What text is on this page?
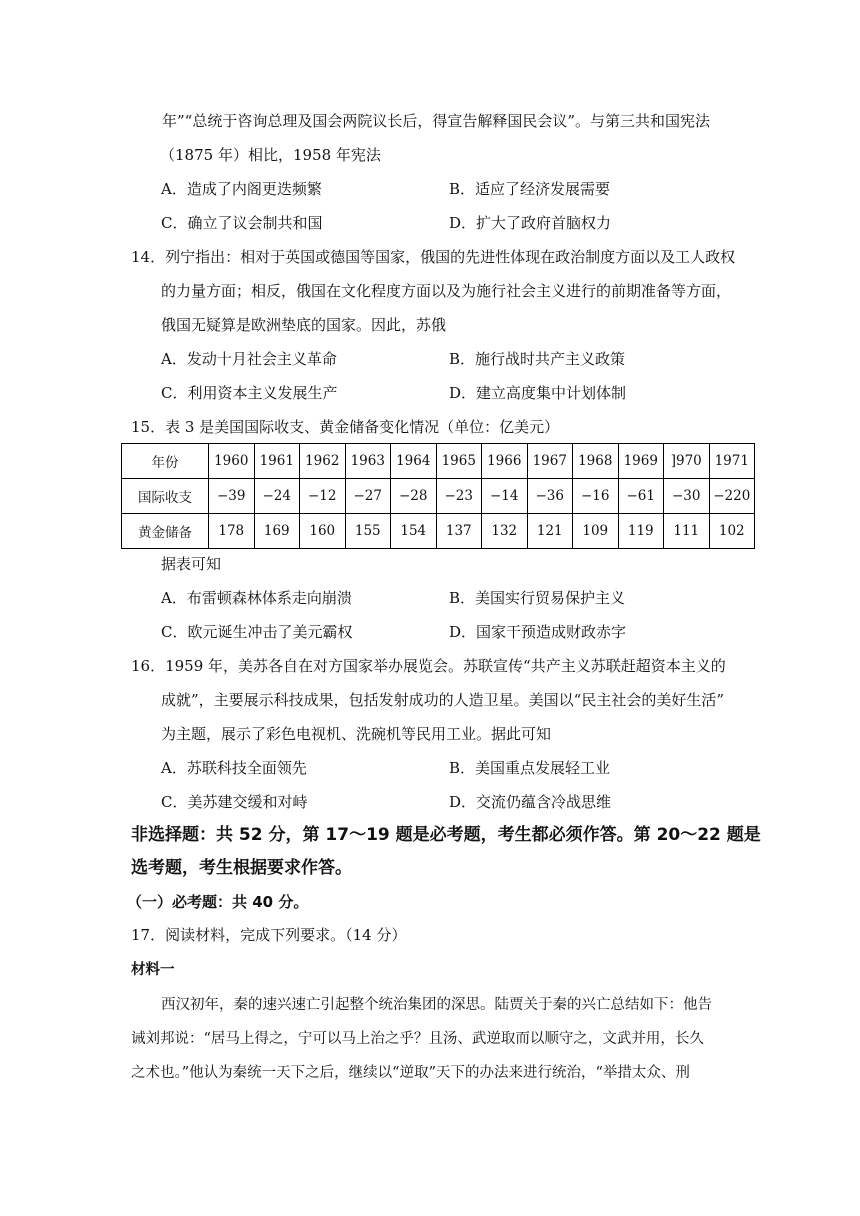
年”“总统于咨询总理及国会两院议长后，得宣告解释国民会议”。与第三共和国宪法
（1875 年）相比，1958 年宪法
A．造成了内阁更迭频繁	B．适应了经济发展需要
C．确立了议会制共和国	D．扩大了政府首脑权力
14．列宁指出：相对于英国或德国等国家，俄国的先进性体现在政治制度方面以及工人政权
的力量方面；相反，俄国在文化程度方面以及为施行社会主义进行的前期准备等方面，
俄国无疑算是欧洲垫底的国家。因此，苏俄
A．发动十月社会主义革命	B．施行战时共产主义政策
C．利用资本主义发展生产	D．建立高度集中计划体制
15．表 3 是美国国际收支、黄金储备变化情况（单位：亿美元）
年份	1960	1961	1962	1963	1964	1965	1966	1967	1968	1969	]970	1971
国际收支	−39	−24	−12	−27	−28	−23	−14	−36	−16	−61	−30	−220
黄金储备	178	169	160	155	154	137	132	121	109	119	111	102
据表可知
A．布雷顿森林体系走向崩溃	B．美国实行贸易保护主义
C．欧元诞生冲击了美元霸权	D．国家干预造成财政赤字
16．1959 年，美苏各自在对方国家举办展览会。苏联宣传“共产主义苏联赶超资本主义的
成就”，主要展示科技成果，包括发射成功的人造卫星。美国以“民主社会的美好生活”
为主题，展示了彩色电视机、洗碗机等民用工业。据此可知
A．苏联科技全面领先	B．美国重点发展轻工业
C．美苏建交缓和对峙	D．交流仍蕴含冷战思维
非选择题：共 52 分，第 17～19 题是必考题，考生都必须作答。第 20～22 题是
选考题，考生根据要求作答。
（一）必考题：共 40 分。
17．阅读材料，完成下列要求。（14 分）
材料一
西汉初年，秦的速兴速亡引起整个统治集团的深思。陆贾关于秦的兴亡总结如下：他告
诫刘邦说：“居马上得之，宁可以马上治之乎？且汤、武逆取而以顺守之，文武并用，长久
之术也。”他认为秦统一天下之后，继续以“逆取”天下的办法来进行统治，“举措太众、刑
